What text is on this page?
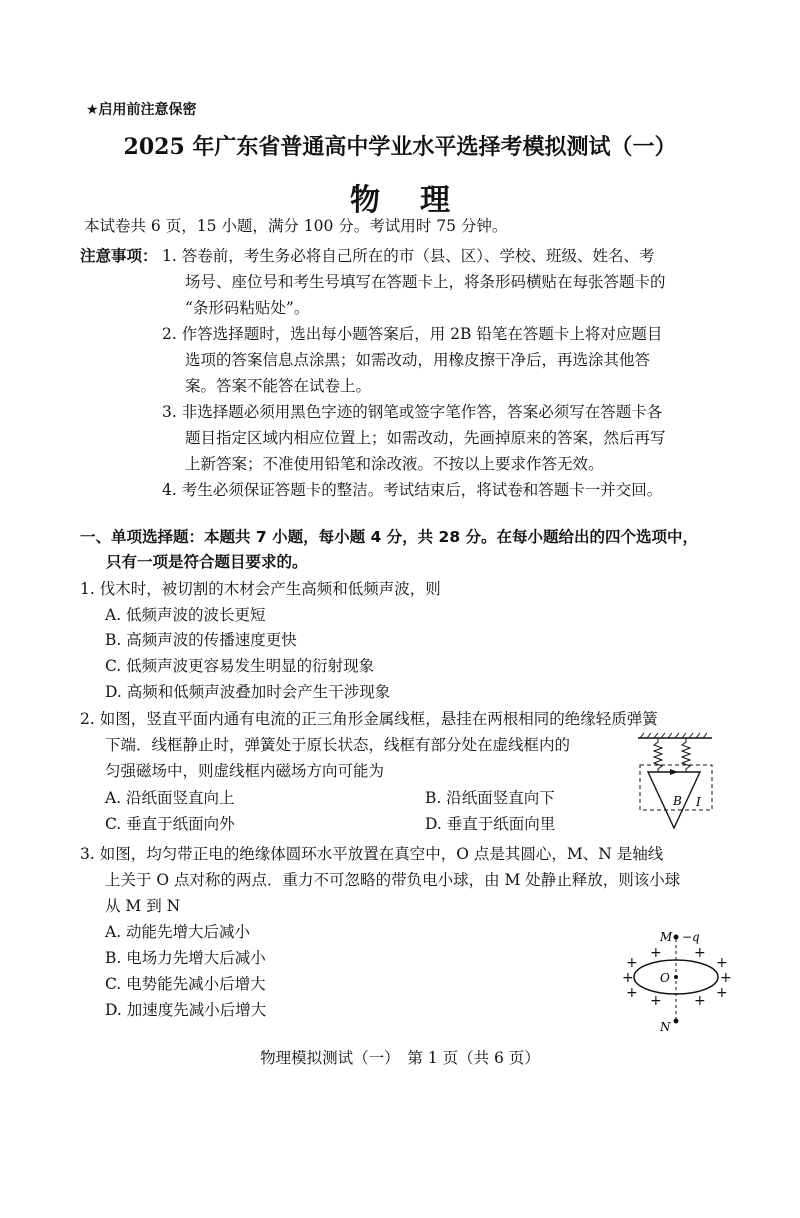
★启用前注意保密
2025 年广东省普通高中学业水平选择考模拟测试（一）
物理
本试卷共 6 页，15 小题，满分 100 分。考试用时 75 分钟。
注意事项： 1. 答卷前，考生务必将自己所在的市（县、区）、学校、班级、姓名、考
场号、座位号和考生号填写在答题卡上，将条形码横贴在每张答题卡的
“条形码粘贴处”。
2. 作答选择题时，选出每小题答案后，用 2B 铅笔在答题卡上将对应题目
选项的答案信息点涂黑；如需改动，用橡皮擦干净后，再选涂其他答
案。答案不能答在试卷上。
3. 非选择题必须用黑色字迹的钢笔或签字笔作答，答案必须写在答题卡各
题目指定区域内相应位置上；如需改动，先画掉原来的答案，然后再写
上新答案；不准使用铅笔和涂改液。不按以上要求作答无效。
4. 考生必须保证答题卡的整洁。考试结束后，将试卷和答题卡一并交回。
一、单项选择题：本题共 7 小题，每小题 4 分，共 28 分。在每小题给出的四个选项中，
只有一项是符合题目要求的。
1. 伐木时，被切割的木材会产生高频和低频声波，则
A. 低频声波的波长更短
B. 高频声波的传播速度更快
C. 低频声波更容易发生明显的衍射现象
D. 高频和低频声波叠加时会产生干涉现象
2. 如图，竖直平面内通有电流的正三角形金属线框，悬挂在两根相同的绝缘轻质弹簧
下端．线框静止时，弹簧处于原长状态，线框有部分处在虚线框内的
匀强磁场中，则虚线框内磁场方向可能为
A. 沿纸面竖直向上	B. 沿纸面竖直向下
C. 垂直于纸面向外	D. 垂直于纸面向里
B I
3. 如图，均匀带正电的绝缘体圆环水平放置在真空中，O 点是其圆心，M、N 是轴线
上关于 O 点对称的两点．重力不可忽略的带负电小球，由 M 处静止释放，则该小球
从 M 到 N
A. 动能先增大后减小
B. 电场力先增大后减小
C. 电势能先减小后增大
D. 加速度先减小后增大
M −q
N
O
+ +
+	+
+	+
+	+
+ +
物理模拟测试（一）　第 1 页（共 6 页）
